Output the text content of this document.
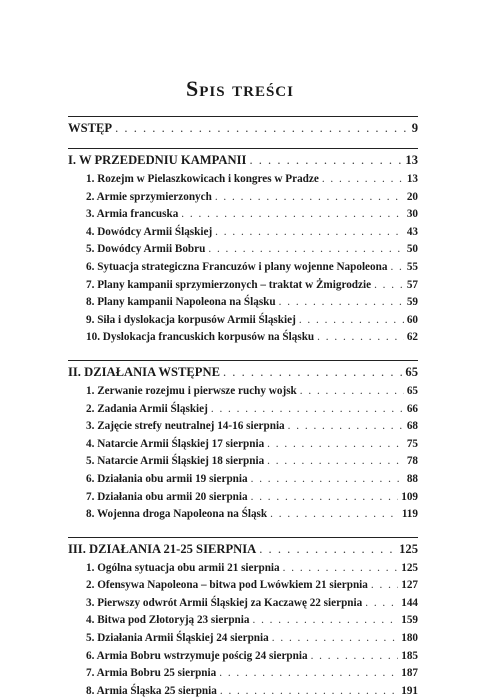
Spis treści
WSTĘP . . .	9
I. W PRZEDEDNIU KAMPANII . . .	13
1. Rozejm w Pielaszkowicach i kongres w Pradze . . .	13
2. Armie sprzymierzonych . . .	20
3. Armia francuska . . .	30
4. Dowódcy Armii Śląskiej . . .	43
5. Dowódcy Armii Bobru . . .	50
6. Sytuacja strategiczna Francuzów i plany wojenne Napoleona . . . 55
7. Plany kampanii sprzymierzonych – traktat w Żmigrodzie . . .	57
8. Plany kampanii Napoleona na Śląsku . . .	59
9. Siła i dyslokacja korpusów Armii Śląskiej . . .	60
10. Dyslokacja francuskich korpusów na Śląsku . . .	62
II. DZIAŁANIA WSTĘPNE . . .	65
1. Zerwanie rozejmu i pierwsze ruchy wojsk . . .	65
2. Zadania Armii Śląskiej . . .	66
3. Zajęcie strefy neutralnej 14-16 sierpnia . . .	68
4. Natarcie Armii Śląskiej 17 sierpnia . . .	75
5. Natarcie Armii Śląskiej 18 sierpnia . . .	78
6. Działania obu armii 19 sierpnia . . .	88
7. Działania obu armii 20 sierpnia . . .	109
8. Wojenna droga Napoleona na Śląsk . . .	119
III. DZIAŁANIA 21-25 SIERPNIA . . .	125
1. Ogólna sytuacja obu armii 21 sierpnia . . .	125
2. Ofensywa Napoleona – bitwa pod Lwówkiem 21 sierpnia . . .	127
3. Pierwszy odwrót Armii Śląskiej za Kaczawę 22 sierpnia . . .	144
4. Bitwa pod Złotoryją 23 sierpnia . . .	159
5. Działania Armii Śląskiej 24 sierpnia . . .	180
6. Armia Bobru wstrzymuje pościg 24 sierpnia . . .	185
7. Armia Bobru 25 sierpnia . . .	187
8. Armia Śląska 25 sierpnia . . .	191
